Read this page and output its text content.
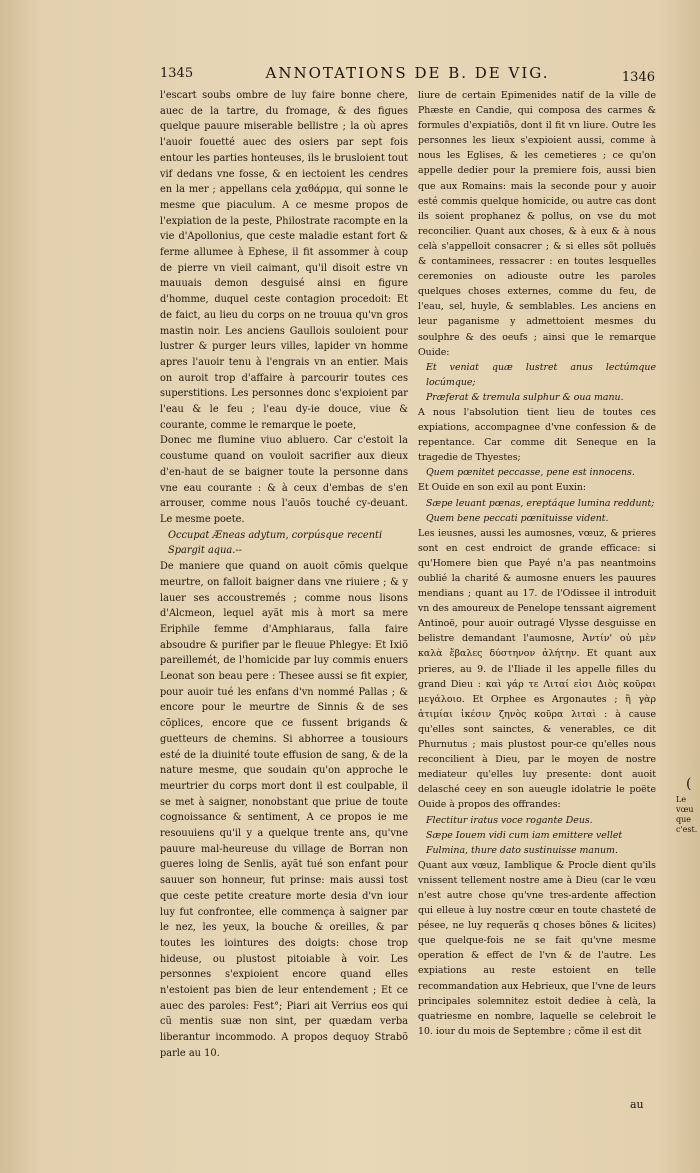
1345	ANNOTATIONS DE B. DE VIG.	1346

l'escart soubs ombre de luy faire bonne chere, auec de la tartre, du fromage, & des figues quelque pauure miserable bellistre ; la où apres l'auoir fouetté auec des osiers par sept fois entour les parties honteuses, ils le brusloient tout vif dedans vne fosse, & en iectoient les cendres en la mer ; appellans cela χαθάρμα, qui sonne le mesme que piaculum. A ce mesme propos de l'expiation de la peste, Philostrate racompte en la vie d'Apollonius, que ceste maladie estant fort & ferme allumee à Ephese, il fit assommer à coup de pierre vn vieil caimant, qu'il disoit estre vn mauuais demon desguisé ainsi en figure d'homme, duquel ceste contagion procedoit: Et de faict, au lieu du corps on ne trouua qu'vn gros mastin noir. Les anciens Gaullois souloient pour lustrer & purger leurs villes, lapider vn homme apres l'auoir tenu à l'engrais vn an entier. Mais on auroit trop d'affaire à parcourir toutes ces superstitions. Les personnes donc s'expioient par l'eau & le feu ; l'eau dy-ie douce, viue & courante, comme le remarque le poete,

Donec me flumine viuo abluero. Car c'estoit la coustume quand on vouloit sacrifier aux dieux d'en-haut de se baigner toute la personne dans vne eau courante : & à ceux d'embas de s'en arrouser, comme nous l'auõs touché cy-deuant. Le mesme poete.

Occupat Æneas adytum, corpúsque recenti

Spargit aqua.--

De maniere que quand on auoit cõmis quelque meurtre, on falloit baigner dans vne riuiere ; & y lauer ses accoustremés ; comme nous lisons d'Alcmeon, lequel ayãt mis à mort sa mere Eriphile femme d'Amphiaraus, falla faire absoudre & purifier par le fleuue Phlegye: Et Ixiõ pareillemét, de l'homicide par luy commis enuers Leonat son beau pere : Thesee aussi se fit expier, pour auoir tué les enfans d'vn nommé Pallas ; & encore pour le meurtre de Sinnis & de ses cõplices, encore que ce fussent brigands & guetteurs de chemins. Si abhorree a tousiours esté de la diuinité toute effusion de sang, & de la nature mesme, que soudain qu'on approche le meurtrier du corps mort dont il est coulpable, il se met à saigner, nonobstant que priue de toute cognoissance & sentiment, A ce propos ie me resouuiens qu'il y a quelque trente ans, qu'vne pauure mal-heureuse du village de Borran non gueres loing de Senlis, ayãt tué son enfant pour sauuer son honneur, fut prinse: mais aussi tost que ceste petite creature morte desia d'vn iour luy fut confrontee, elle commença à saigner par le nez, les yeux, la bouche & oreilles, & par toutes les iointures des doigts: chose trop hideuse, ou plustost pitoiable à voir. Les personnes s'expioient encore quand elles n'estoient pas bien de leur entendement ; Et ce auec des paroles: Fest°; Piari ait Verrius eos qui cũ mentis suæ non sint, per quædam verba liberantur incommodo. A propos dequoy Strabõ parle au 10.

liure de certain Epimenides natif de la ville de Phæste en Candie, qui composa des carmes & formules d'expiatiõs, dont il fit vn liure. Outre les personnes les lieux s'expioient aussi, comme à nous les Eglises, & les cemetieres ; ce qu'on appelle dedier pour la premiere fois, aussi bien que aux Romains: mais la seconde pour y auoir esté commis quelque homicide, ou autre cas dont ils soient prophanez & pollus, on vse du mot reconcilier. Quant aux choses, & à eux & à nous celà s'appelloit consacrer ; & si elles sõt polluës & contaminees, ressacrer : en toutes lesquelles ceremonies on adiouste outre les paroles quelques choses externes, comme du feu, de l'eau, sel, huyle, & semblables. Les anciens en leur paganisme y admettoient mesmes du soulphre & des oeufs ; ainsi que le remarque Ouide:

Et veniat quæ lustret anus lectúmque locúmque;

Præferat & tremula sulphur & oua manu.

A nous l'absolution tient lieu de toutes ces expiations, accompagnee d'vne confession & de repentance. Car comme dit Seneque en la tragedie de Thyestes;

Quem pœnitet peccasse, pene est innocens.

Et Ouide en son exil au pont Euxin:

Sæpe leuant pœnas, ereptáque lumina reddunt;

Quem bene peccati pœnituisse vident.

Les ieusnes, aussi les aumosnes, vœuz, & prieres sont en cest endroict de grande efficace: si qu'Homere bien que Payé n'a pas neantmoins oublié la charité & aumosne enuers les pauures mendians ; quant au 17. de l'Odissee il introduit vn des amoureux de Penelope tenssant aigrement Antinoë, pour auoir outragé Vlysse desguisse en belistre demandant l'aumosne, Ἀντίν' οὐ μὲν καλὰ ἔβαλες δύστηνον ἀλήτην. Et quant aux prieres, au 9. de l'Iliade il les appelle filles du grand Dieu : καὶ γάρ τε Λιταί εἰσι Διὸς κοῦραι μεγάλοιο. Et Orphee es Argonautes ; ἢ γὰρ ἀτιμίαι ἱκέσιν ζηνὸς κοῦρα λιταὶ : à cause qu'elles sont sainctes, & venerables, ce dit Phurnutus ; mais plustost pour-ce qu'elles nous reconcilient à Dieu, par le moyen de nostre mediateur qu'elles luy presente: dont auoit delasché ceey en son aueugle idolatrie le poëte Ouide à propos des offrandes:

Flectitur iratus voce rogante Deus.

Sæpe Iouem vidi cum iam emittere vellet

Fulmina, thure dato sustinuisse manum.

Quant aux vœuz, Iamblique & Procle dient qu'ils vnissent tellement nostre ame à Dieu (car le vœu n'est autre chose qu'vne tres-ardente affection qui elleue à luy nostre cœur en toute chasteté de pésee, ne luy requerãs q choses bõnes & licites) que quelque-fois ne se fait qu'vne mesme operation & effect de l'vn & de l'autre. Les expiations au reste estoient en telle recommandation aux Hebrieux, que l'vne de leurs principales solemnitez estoit dediee à celà, la quatriesme en nombre, laquelle se celebroit le 10. iour du mois de Septembre ; cõme il est dit

(
Le vœu que c'est.
au
